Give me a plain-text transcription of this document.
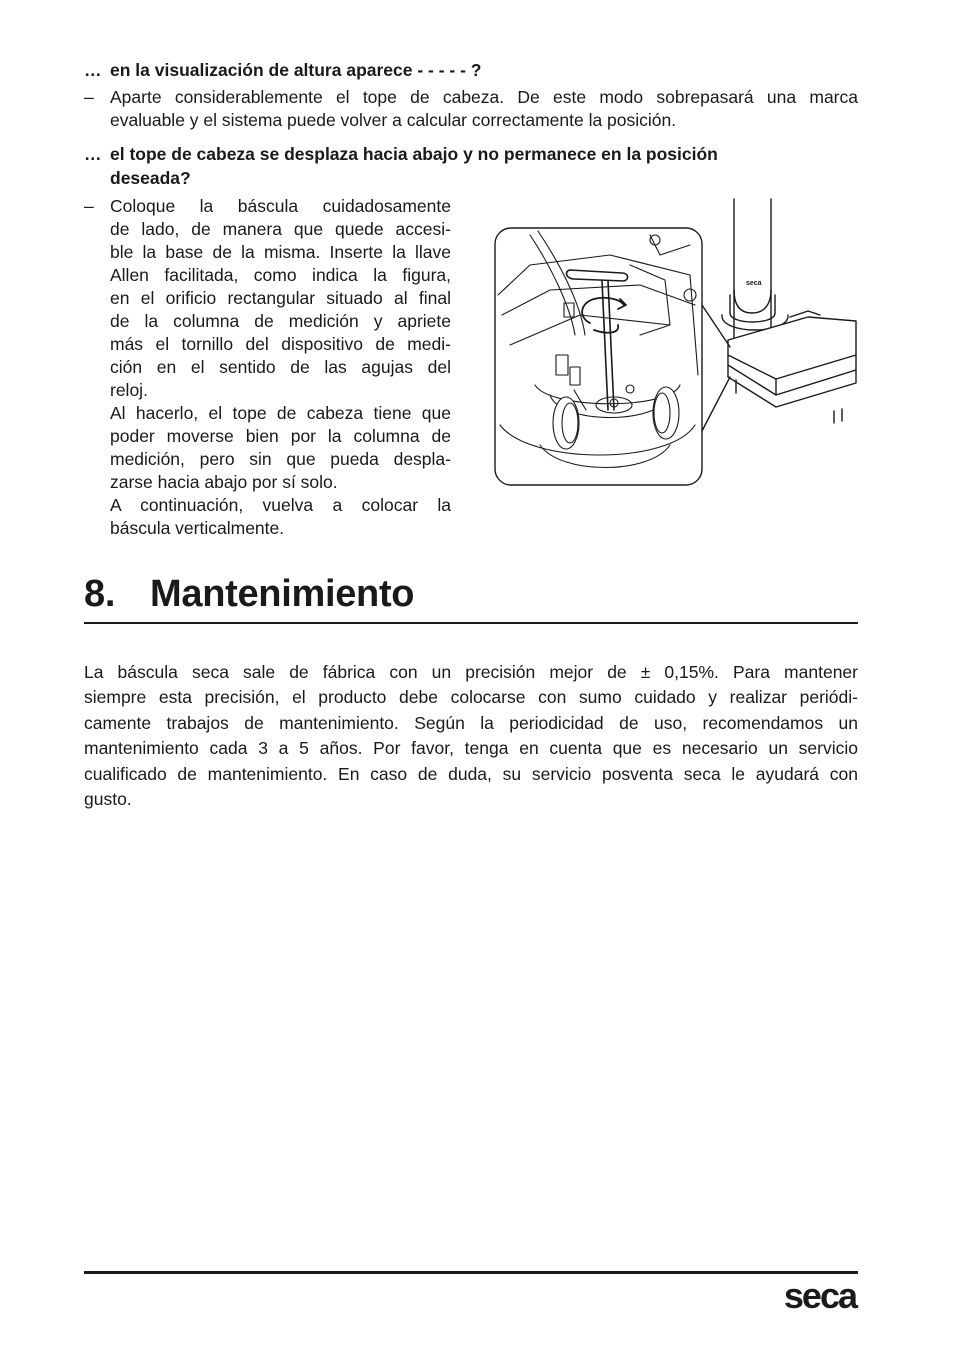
… en la visualización de altura aparece - - - - - ?
– Aparte considerablemente el tope de cabeza. De este modo sobrepasará una marca
evaluable y el sistema puede volver a calcular correctamente la posición.
… el tope de cabeza se desplaza hacia abajo y no permanece en la posición
deseada?
– Coloque la báscula cuidadosamente
de lado, de manera que quede accesi-
ble la base de la misma. Inserte la llave
Allen facilitada, como indica la figura,
en el orificio rectangular situado al final
de la columna de medición y apriete
más el tornillo del dispositivo de medi-
ción en el sentido de las agujas del
reloj.
Al hacerlo, el tope de cabeza tiene que
poder moverse bien por la columna de
medición, pero sin que pueda despla-
zarse hacia abajo por sí solo.
A continuación, vuelva a colocar la
báscula verticalmente.
seca
8. Mantenimiento
La báscula seca sale de fábrica con un precisión mejor de ± 0,15%. Para mantener
siempre esta precisión, el producto debe colocarse con sumo cuidado y realizar periódi-
camente trabajos de mantenimiento. Según la periodicidad de uso, recomendamos un
mantenimiento cada 3 a 5 años. Por favor, tenga en cuenta que es necesario un servicio
cualificado de mantenimiento. En caso de duda, su servicio posventa seca le ayudará con
gusto.
seca
